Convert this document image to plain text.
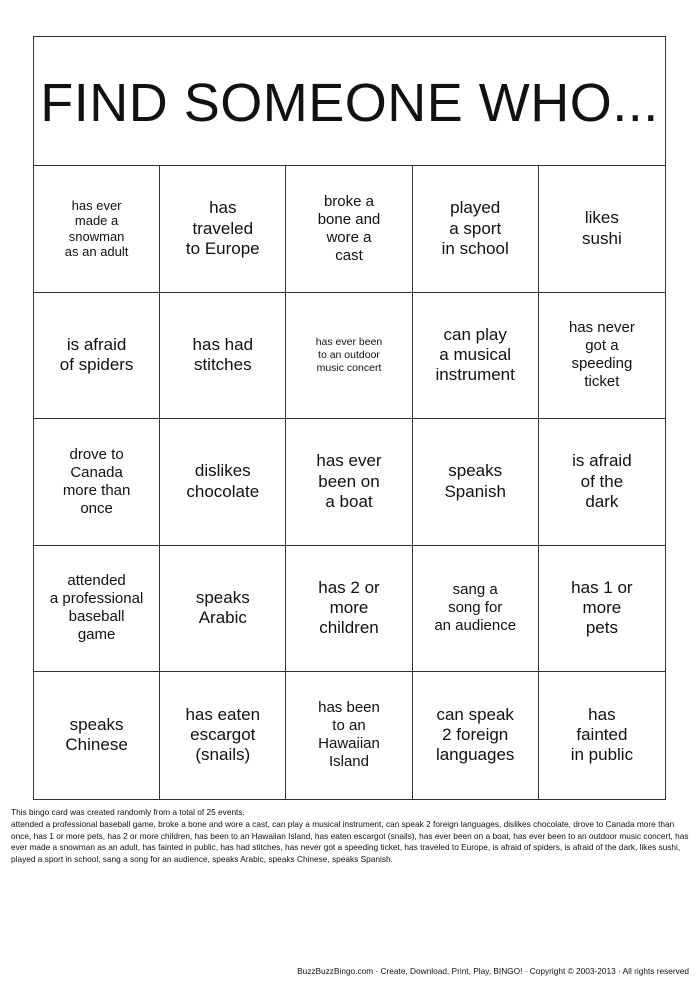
FIND SOMEONE WHO...
has ever
made a
snowman
as an adult
has
traveled
to Europe
broke a
bone and
wore a
cast
played
a sport
in school
likes
sushi
is afraid
of spiders
has had
stitches
has ever been
to an outdoor
music concert
can play
a musical
instrument
has never
got a
speeding
ticket
drove to
Canada
more than
once
dislikes
chocolate
has ever
been on
a boat
speaks
Spanish
is afraid
of the
dark
attended
a professional
baseball
game
speaks
Arabic
has 2 or
more
children
sang a
song for
an audience
has 1 or
more
pets
speaks
Chinese
has eaten
escargot
(snails)
has been
to an
Hawaiian
Island
can speak
2 foreign
languages
has
fainted
in public

This bingo card was created randomly from a total of 25 events.

attended a professional baseball game, broke a bone and wore a cast, can play a musical instrument, can speak 2 foreign languages, dislikes chocolate, drove to Canada more than once, has 1 or more pets, has 2 or more children, has been to an Hawaiian Island, has eaten escargot (snails), has ever been on a boat, has ever been to an outdoor music concert, has ever made a snowman as an adult, has fainted in public, has had stitches, has never got a speeding ticket, has traveled to Europe, is afraid of spiders, is afraid of the dark, likes sushi, played a sport in school, sang a song for an audience, speaks Arabic, speaks Chinese, speaks Spanish.

BuzzBuzzBingo.com · Create, Download, Print, Play, BINGO! · Copyright © 2003-2013 · All rights reserved
